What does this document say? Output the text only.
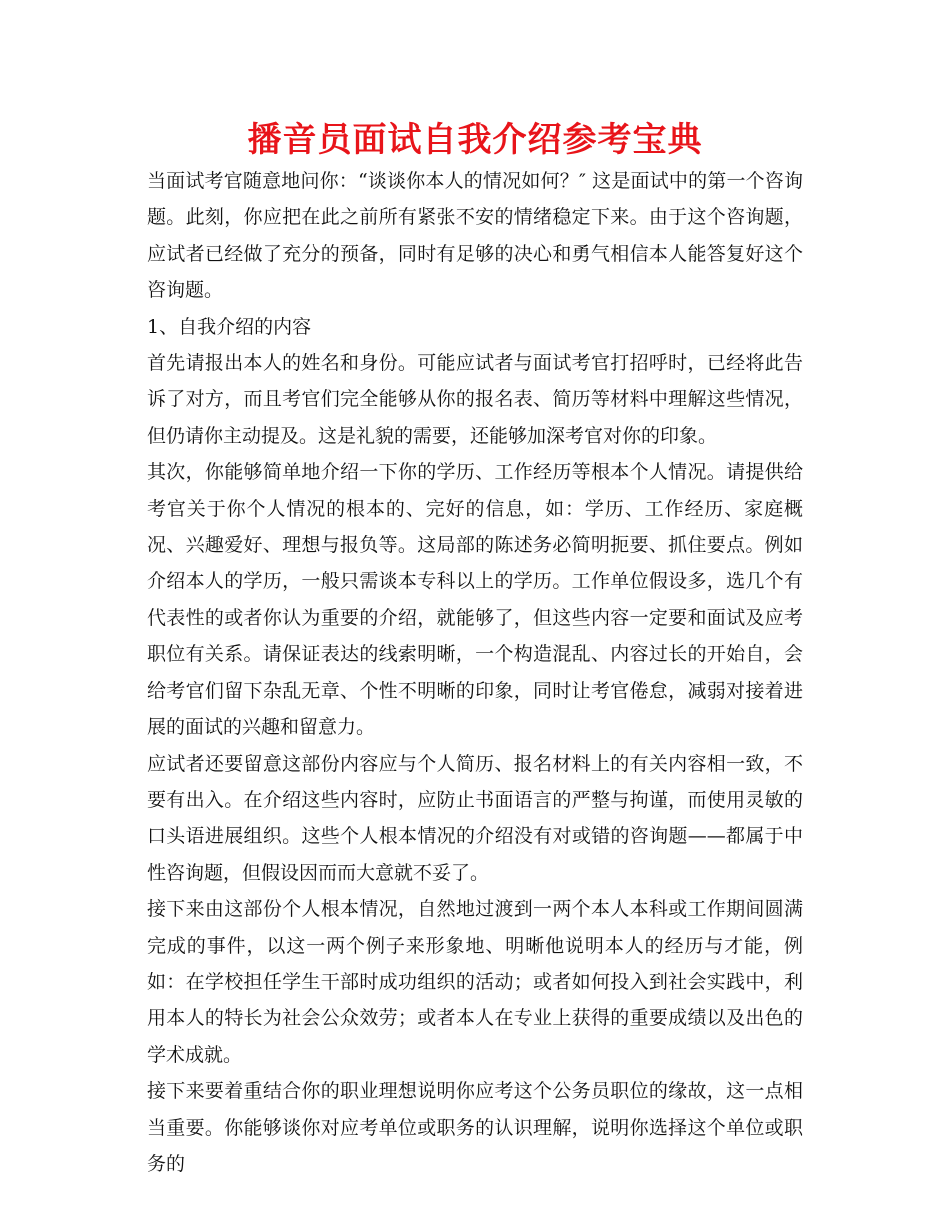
播音员面试自我介绍参考宝典

当面试考官随意地问你：“谈谈你本人的情况如何？″ 这是面试中的第一个咨询题。此刻，你应把在此之前所有紧张不安的情绪稳定下来。由于这个咨询题，应试者已经做了充分的预备，同时有足够的决心和勇气相信本人能答复好这个咨询题。

1、自我介绍的内容

首先请报出本人的姓名和身份。可能应试者与面试考官打招呼时，已经将此告诉了对方，而且考官们完全能够从你的报名表、简历等材料中理解这些情况，但仍请你主动提及。这是礼貌的需要，还能够加深考官对你的印象。

其次，你能够简单地介绍一下你的学历、工作经历等根本个人情况。请提供给考官关于你个人情况的根本的、完好的信息，如：学历、工作经历、家庭概况、兴趣爱好、理想与报负等。这局部的陈述务必简明扼要、抓住要点。例如介绍本人的学历，一般只需谈本专科以上的学历。工作单位假设多，选几个有代表性的或者你认为重要的介绍，就能够了，但这些内容一定要和面试及应考职位有关系。请保证表达的线索明晰，一个构造混乱、内容过长的开始自，会给考官们留下杂乱无章、个性不明晰的印象，同时让考官倦怠，减弱对接着进展的面试的兴趣和留意力。

应试者还要留意这部份内容应与个人简历、报名材料上的有关内容相一致，不要有出入。在介绍这些内容时，应防止书面语言的严整与拘谨，而使用灵敏的口头语进展组织。这些个人根本情况的介绍没有对或错的咨询题——都属于中性咨询题，但假设因而而大意就不妥了。

接下来由这部份个人根本情况，自然地过渡到一两个本人本科或工作期间圆满完成的事件，以这一两个例子来形象地、明晰他说明本人的经历与才能，例如：在学校担任学生干部时成功组织的活动；或者如何投入到社会实践中，利用本人的特长为社会公众效劳；或者本人在专业上获得的重要成绩以及出色的学术成就。

接下来要着重结合你的职业理想说明你应考这个公务员职位的缘故，这一点相当重要。你能够谈你对应考单位或职务的认识理解，说明你选择这个单位或职务的
